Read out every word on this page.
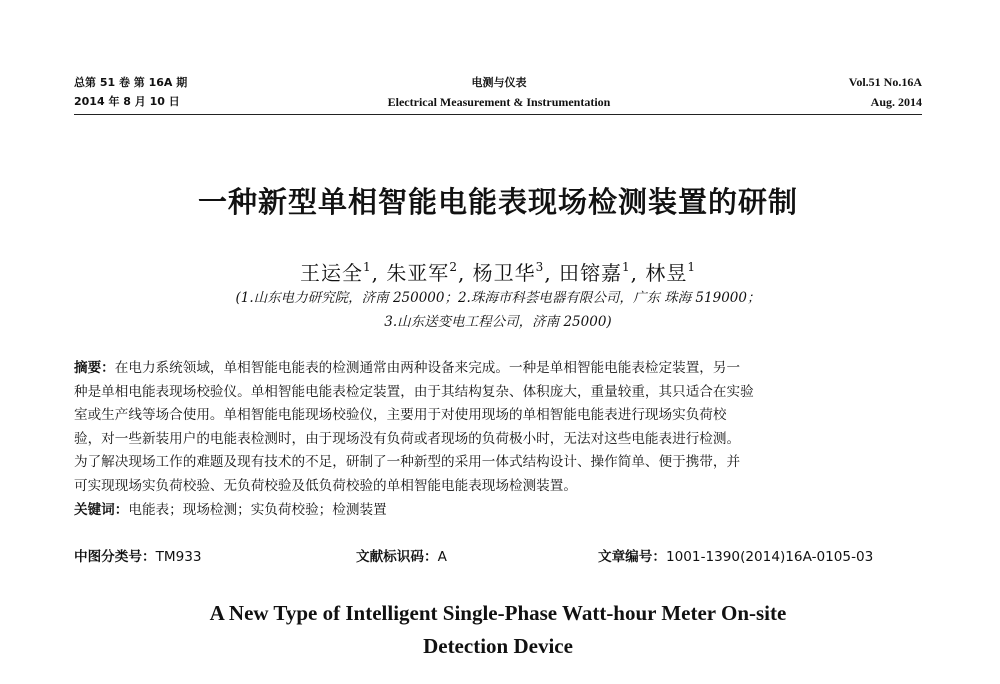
总第 51 卷 第 16A 期
2014 年 8 月 10 日
电测与仪表
Electrical Measurement & Instrumentation
Vol.51 No.16A
Aug. 2014
一种新型单相智能电能表现场检测装置的研制
王运全$^1$, 朱亚军$^2$, 杨卫华$^3$, 田镕嘉$^1$, 林昱$^1$
(1.山东电力研究院，济南 250000；2.珠海市科荟电器有限公司，广东 珠海 519000；
3.山东送变电工程公司，济南 25000)
摘要：在电力系统领域，单相智能电能表的检测通常由两种设备来完成。一种是单相智能电能表检定装置，另一
种是单相电能表现场校验仪。单相智能电能表检定装置，由于其结构复杂、体积庞大，重量较重，其只适合在实验
室或生产线等场合使用。单相智能电能现场校验仪，主要用于对使用现场的单相智能电能表进行现场实负荷校
验，对一些新装用户的电能表检测时，由于现场没有负荷或者现场的负荷极小时，无法对这些电能表进行检测。
为了解决现场工作的难题及现有技术的不足，研制了一种新型的采用一体式结构设计、操作简单、便于携带，并
可实现现场实负荷校验、无负荷校验及低负荷校验的单相智能电能表现场检测装置。
关键词：电能表；现场检测；实负荷校验；检测装置
中图分类号：TM933	文献标识码：A	文章编号：1001-1390(2014)16A-0105-03
A New Type of Intelligent Single-Phase Watt-hour Meter On-site
Detection Device
